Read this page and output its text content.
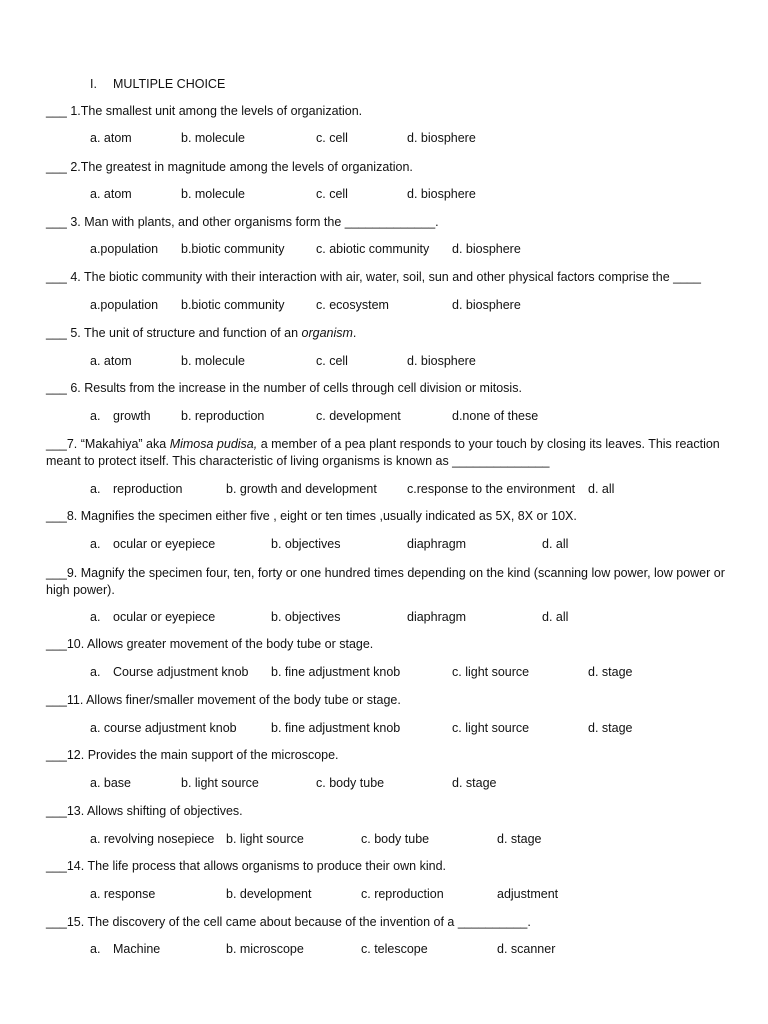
I. MULTIPLE CHOICE
___ 1.The smallest unit among the levels of organization.
a. atom	b. molecule	c. cell	d. biosphere
___ 2.The greatest in magnitude among the levels of organization.
a. atom	b. molecule	c. cell	d. biosphere
___ 3. Man with plants, and other organisms form the _____________.
a.population b.biotic community	c. abiotic community d. biosphere
___ 4. The biotic community with their interaction with air, water, soil, sun and other physical factors comprise the ____
a.population b.biotic community	c. ecosystem	d. biosphere
___ 5. The unit of structure and function of an organism.
a. atom	b. molecule	c. cell	d. biosphere
___ 6. Results from the increase in the number of cells through cell division or mitosis.
a. growth b. reproduction	c. development	d.none of these
___7. “Makahiya” aka Mimosa pudisa, a member of a pea plant responds to your touch by closing its leaves. This reaction meant to protect itself. This characteristic of living organisms is known as ______________
a. reproduction	b. growth and development c.response to the environment d. all
___8. Magnifies the specimen either five , eight or ten times ,usually indicated as 5X, 8X or 10X.
a. ocular or eyepiece	b. objectives	diaphragm	d. all
___9. Magnify the specimen four, ten, forty or one hundred times depending on the kind (scanning low power, low power or high power).
a. ocular or eyepiece	b. objectives	diaphragm	d. all
___10. Allows greater movement of the body tube or stage.
a. Course adjustment knob b. fine adjustment knob	c. light source	d. stage
___11. Allows finer/smaller movement of the body tube or stage.
a. course adjustment knob	b. fine adjustment knob	c. light source	d. stage
___12. Provides the main support of the microscope.
a. base	b. light source	c. body tube	d. stage
___13. Allows shifting of objectives.
a. revolving nosepiece b. light source	c. body tube	d. stage
___14. The life process that allows organisms to produce their own kind.
a. response	b. development	c. reproduction	adjustment
___15. The discovery of the cell came about because of the invention of a __________.
a. Machine	b. microscope	c. telescope	d. scanner
